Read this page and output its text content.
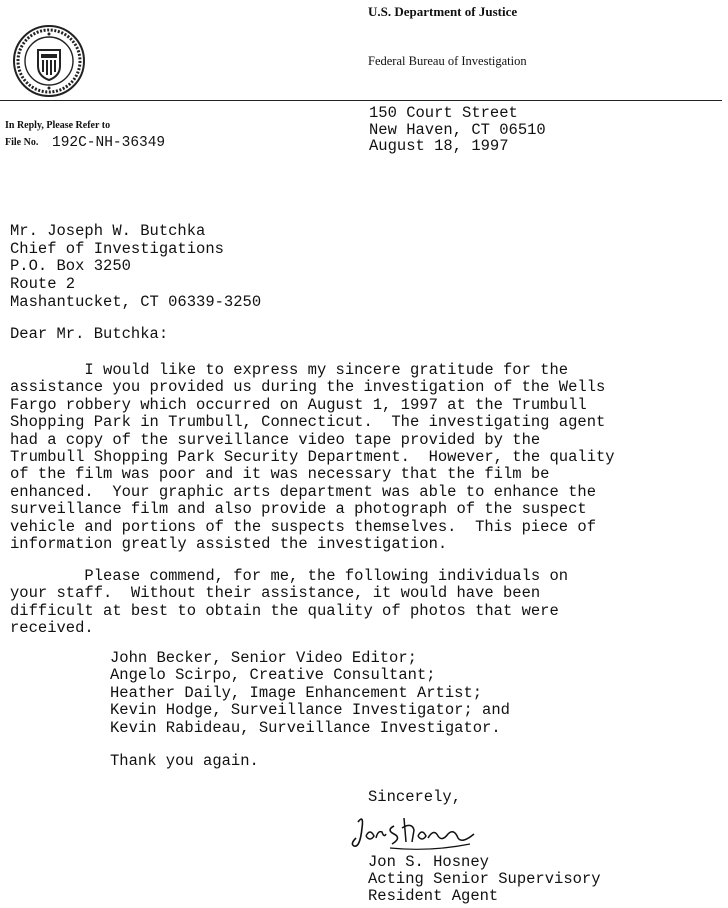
U.S. Department of Justice
Federal Bureau of Investigation
In Reply, Please Refer to
File No. 192C-NH-36349
150 Court Street
New Haven, CT 06510
August 18, 1997
Mr. Joseph W. Butchka
Chief of Investigations
P.O. Box 3250
Route 2
Mashantucket, CT 06339-3250
Dear Mr. Butchka:
I would like to express my sincere gratitude for the
assistance you provided us during the investigation of the Wells
Fargo robbery which occurred on August 1, 1997 at the Trumbull
Shopping Park in Trumbull, Connecticut.  The investigating agent
had a copy of the surveillance video tape provided by the
Trumbull Shopping Park Security Department.  However, the quality
of the film was poor and it was necessary that the film be
enhanced.  Your graphic arts department was able to enhance the
surveillance film and also provide a photograph of the suspect
vehicle and portions of the suspects themselves.  This piece of
information greatly assisted the investigation.
Please commend, for me, the following individuals on
your staff.  Without their assistance, it would have been
difficult at best to obtain the quality of photos that were
received.
John Becker, Senior Video Editor;
Angelo Scirpo, Creative Consultant;
Heather Daily, Image Enhancement Artist;
Kevin Hodge, Surveillance Investigator; and
Kevin Rabideau, Surveillance Investigator.
Thank you again.
Sincerely,
Jon S. Hosney
Acting Senior Supervisory
Resident Agent
